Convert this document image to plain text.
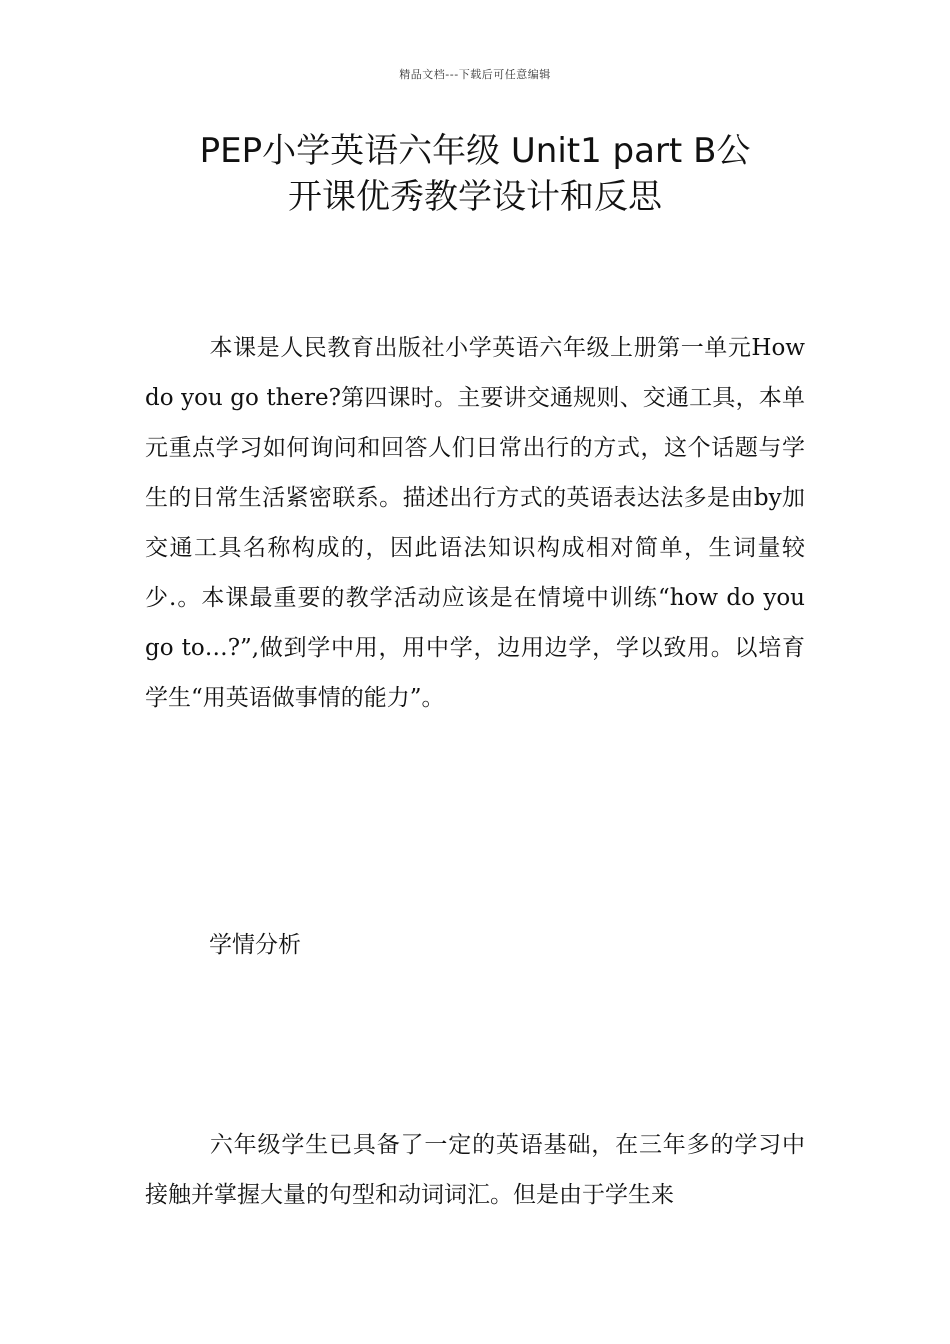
精品文档---下载后可任意编辑
PEP小学英语六年级 Unit1 part B公
开课优秀教学设计和反思

本课是人民教育出版社小学英语六年级上册第一单元How do you go there?第四课时。主要讲交通规则、交通工具，本单元重点学习如何询问和回答人们日常出行的方式，这个话题与学生的日常生活紧密联系。描述出行方式的英语表达法多是由by加交通工具名称构成的，因此语法知识构成相对简单，生词量较少.。本课最重要的教学活动应该是在情境中训练“how do you go to…?”,做到学中用，用中学，边用边学，学以致用。以培育学生“用英语做事情的能力”。

学情分析

六年级学生已具备了一定的英语基础，在三年多的学习中接触并掌握大量的句型和动词词汇。但是由于学生来
